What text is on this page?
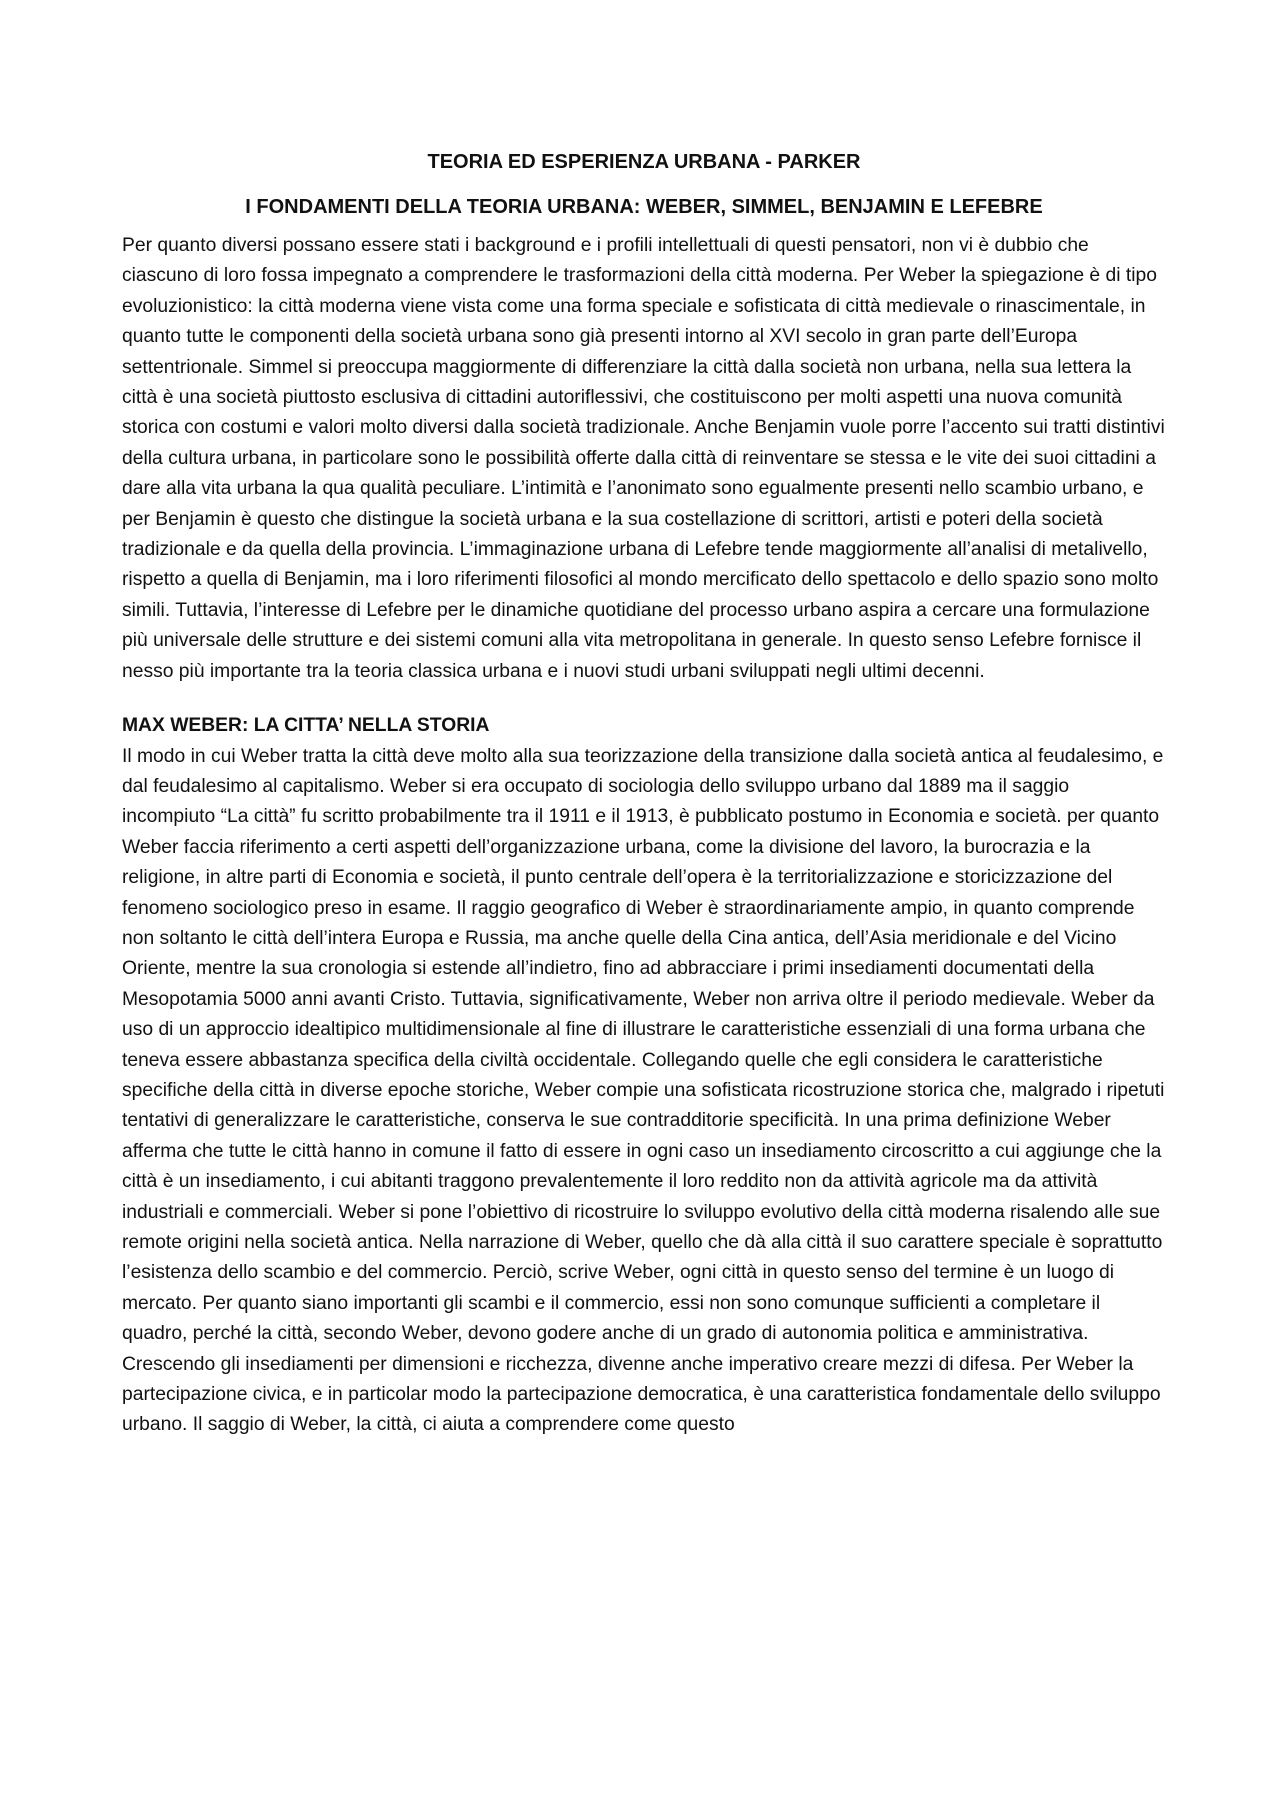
TEORIA ED ESPERIENZA URBANA - PARKER
I FONDAMENTI DELLA TEORIA URBANA: WEBER, SIMMEL, BENJAMIN E LEFEBRE

Per quanto diversi possano essere stati i background e i profili intellettuali di questi pensatori, non vi è dubbio che ciascuno di loro fossa impegnato a comprendere le trasformazioni della città moderna. Per Weber la spiegazione è di tipo evoluzionistico: la città moderna viene vista come una forma speciale e sofisticata di città medievale o rinascimentale, in quanto tutte le componenti della società urbana sono già presenti intorno al XVI secolo in gran parte dell’Europa settentrionale. Simmel si preoccupa maggiormente di differenziare la città dalla società non urbana, nella sua lettera la città è una società piuttosto esclusiva di cittadini autoriflessivi, che costituiscono per molti aspetti una nuova comunità storica con costumi e valori molto diversi dalla società tradizionale. Anche Benjamin vuole porre l’accento sui tratti distintivi della cultura urbana, in particolare sono le possibilità offerte dalla città di reinventare se stessa e le vite dei suoi cittadini a dare alla vita urbana la qua qualità peculiare. L’intimità e l’anonimato sono egualmente presenti nello scambio urbano, e per Benjamin è questo che distingue la società urbana e la sua costellazione di scrittori, artisti e poteri della società tradizionale e da quella della provincia. L’immaginazione urbana di Lefebre tende maggiormente all’analisi di metalivello, rispetto a quella di Benjamin, ma i loro riferimenti filosofici al mondo mercificato dello spettacolo e dello spazio sono molto simili. Tuttavia, l’interesse di Lefebre per le dinamiche quotidiane del processo urbano aspira a cercare una formulazione più universale delle strutture e dei sistemi comuni alla vita metropolitana in generale. In questo senso Lefebre fornisce il nesso più importante tra la teoria classica urbana e i nuovi studi urbani sviluppati negli ultimi decenni.

MAX WEBER: LA CITTA’ NELLA STORIA

Il modo in cui Weber tratta la città deve molto alla sua teorizzazione della transizione dalla società antica al feudalesimo, e dal feudalesimo al capitalismo. Weber si era occupato di sociologia dello sviluppo urbano dal 1889 ma il saggio incompiuto “La città” fu scritto probabilmente tra il 1911 e il 1913, è pubblicato postumo in Economia e società. per quanto Weber faccia riferimento a certi aspetti dell’organizzazione urbana, come la divisione del lavoro, la burocrazia e la religione, in altre parti di Economia e società, il punto centrale dell’opera è la territorializzazione e storicizzazione del fenomeno sociologico preso in esame. Il raggio geografico di Weber è straordinariamente ampio, in quanto comprende non soltanto le città dell’intera Europa e Russia, ma anche quelle della Cina antica, dell’Asia meridionale e del Vicino Oriente, mentre la sua cronologia si estende all’indietro, fino ad abbracciare i primi insediamenti documentati della Mesopotamia 5000 anni avanti Cristo. Tuttavia, significativamente, Weber non arriva oltre il periodo medievale. Weber da uso di un approccio idealtipico multidimensionale al fine di illustrare le caratteristiche essenziali di una forma urbana che teneva essere abbastanza specifica della civiltà occidentale. Collegando quelle che egli considera le caratteristiche specifiche della città in diverse epoche storiche, Weber compie una sofisticata ricostruzione storica che, malgrado i ripetuti tentativi di generalizzare le caratteristiche, conserva le sue contradditorie specificità. In una prima definizione Weber afferma che tutte le città hanno in comune il fatto di essere in ogni caso un insediamento circoscritto a cui aggiunge che la città è un insediamento, i cui abitanti traggono prevalentemente il loro reddito non da attività agricole ma da attività industriali e commerciali. Weber si pone l’obiettivo di ricostruire lo sviluppo evolutivo della città moderna risalendo alle sue remote origini nella società antica. Nella narrazione di Weber, quello che dà alla città il suo carattere speciale è soprattutto l’esistenza dello scambio e del commercio. Perciò, scrive Weber, ogni città in questo senso del termine è un luogo di mercato. Per quanto siano importanti gli scambi e il commercio, essi non sono comunque sufficienti a completare il quadro, perché la città, secondo Weber, devono godere anche di un grado di autonomia politica e amministrativa. Crescendo gli insediamenti per dimensioni e ricchezza, divenne anche imperativo creare mezzi di difesa. Per Weber la partecipazione civica, e in particolar modo la partecipazione democratica, è una caratteristica fondamentale dello sviluppo urbano. Il saggio di Weber, la città, ci aiuta a comprendere come questo
